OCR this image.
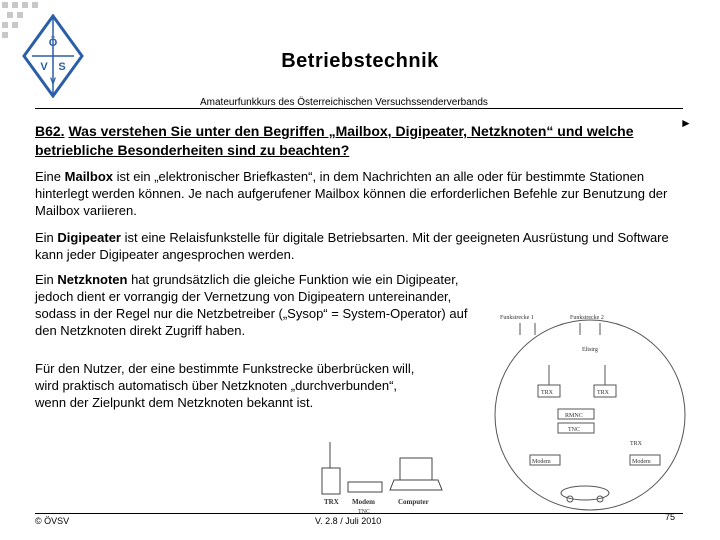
Ö
V S
V
Betriebstechnik
Amateurfunkkurs des Österreichischen Versuchssenderverbands
►
B62. Was verstehen Sie unter den Begriffen „Mailbox, Digipeater, Netzknoten“ und welche betriebliche Besonderheiten sind zu beachten?
Eine Mailbox ist ein „elektronischer Briefkasten“, in dem Nachrichten an alle oder für bestimmte Stationen hinterlegt werden können. Je nach aufgerufener Mailbox können die erforderlichen Befehle zur Benutzung der Mailbox variieren.
Ein Digipeater ist eine Relaisfunkstelle für digitale Betriebsarten. Mit der geeigneten Ausrüstung und Software kann jeder Digipeater angesprochen werden.
Ein Netzknoten hat grundsätzlich die gleiche Funktion wie ein Digipeater, jedoch dient er vorrangig der Vernetzung von Digipeatern untereinander, sodass in der Regel nur die Netzbetreiber („Sysop“ = System-Operator) auf den Netzknoten direkt Zugriff haben.
Für den Nutzer, der eine bestimmte Funkstrecke überbrücken will, wird praktisch automatisch über Netzknoten „durchverbunden“, wenn der Zielpunkt dem Netzknoten bekannt ist.
Funkstrecke 1	Funkstrecke 2
Eltstrg
TRX	TRX
RMNC
TNC
Modem	Modem
TRX
TRX Modem	Computer
TNC
© ÖVSV	V. 2.8 / Juli 2010	75
